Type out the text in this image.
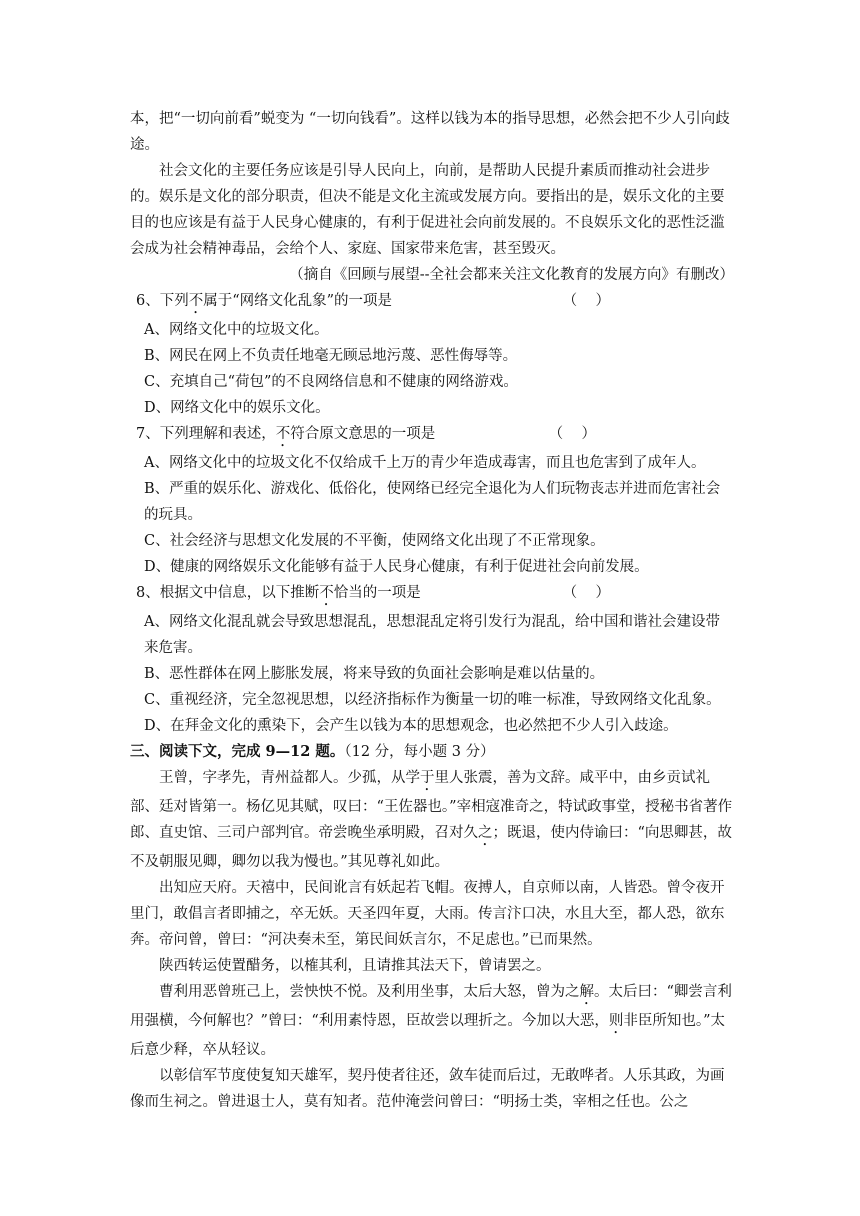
本，把“一切向前看”蜕变为 “一切向钱看”。这样以钱为本的指导思想，必然会把不少人引向歧途。

社会文化的主要任务应该是引导人民向上，向前，是帮助人民提升素质而推动社会进步的。娱乐是文化的部分职责，但决不能是文化主流或发展方向。要指出的是，娱乐文化的主要目的也应该是有益于人民身心健康的，有利于促进社会向前发展的。不良娱乐文化的恶性泛滥会成为社会精神毒品，会给个人、家庭、国家带来危害，甚至毁灭。

（摘自《回顾与展望--全社会都来关注文化教育的发展方向》有删改）

6、下列不属于“网络文化乱象”的一项是	（    ）

A、网络文化中的垃圾文化。

B、网民在网上不负责任地毫无顾忌地污蔑、恶性侮辱等。

C、充填自己“荷包”的不良网络信息和不健康的网络游戏。

D、网络文化中的娱乐文化。

7、下列理解和表述，不符合原文意思的一项是	（    ）

A、网络文化中的垃圾文化不仅给成千上万的青少年造成毒害，而且也危害到了成年人。

B、严重的娱乐化、游戏化、低俗化，使网络已经完全退化为人们玩物丧志并进而危害社会的玩具。

C、社会经济与思想文化发展的不平衡，使网络文化出现了不正常现象。

D、健康的网络娱乐文化能够有益于人民身心健康，有利于促进社会向前发展。

8、根据文中信息，以下推断不恰当的一项是	（    ）

A、网络文化混乱就会导致思想混乱，思想混乱定将引发行为混乱，给中国和谐社会建设带来危害。

B、恶性群体在网上膨胀发展，将来导致的负面社会影响是难以估量的。

C、重视经济，完全忽视思想，以经济指标作为衡量一切的唯一标准，导致网络文化乱象。

D、在拜金文化的熏染下，会产生以钱为本的思想观念，也必然把不少人引入歧途。

三、阅读下文，完成 9—12 题。（12 分，每小题 3 分）

王曾，字孝先，青州益都人。少孤，从学于里人张震，善为文辞。咸平中，由乡贡试礼部、廷对皆第一。杨亿见其赋，叹曰：“王佐器也。”宰相寇准奇之，特试政事堂，授秘书省著作郎、直史馆、三司户部判官。帝尝晚坐承明殿，召对久之；既退，使内侍谕曰：“向思卿甚，故不及朝服见卿，卿勿以我为慢也。”其见尊礼如此。

出知应天府。天禧中，民间讹言有妖起若飞帽。夜搏人，自京师以南，人皆恐。曾令夜开里门，敢倡言者即捕之，卒无妖。天圣四年夏，大雨。传言汴口决，水且大至，都人恐，欲东奔。帝问曾，曾曰：“河决奏未至，第民间妖言尔，不足虑也。”已而果然。

陕西转运使置醋务，以榷其利，且请推其法天下，曾请罢之。

曹利用恶曾班己上，尝怏怏不悦。及利用坐事，太后大怒，曾为之解。太后曰：“卿尝言利用强横，今何解也？”曾曰：“利用素恃恩，臣故尝以理折之。今加以大恶，则非臣所知也。”太后意少释，卒从轻议。

以彰信军节度使复知天雄军，契丹使者往还，敛车徒而后过，无敢哗者。人乐其政，为画像而生祠之。曾进退士人，莫有知者。范仲淹尝问曾曰：“明扬士类，宰相之任也。公之
